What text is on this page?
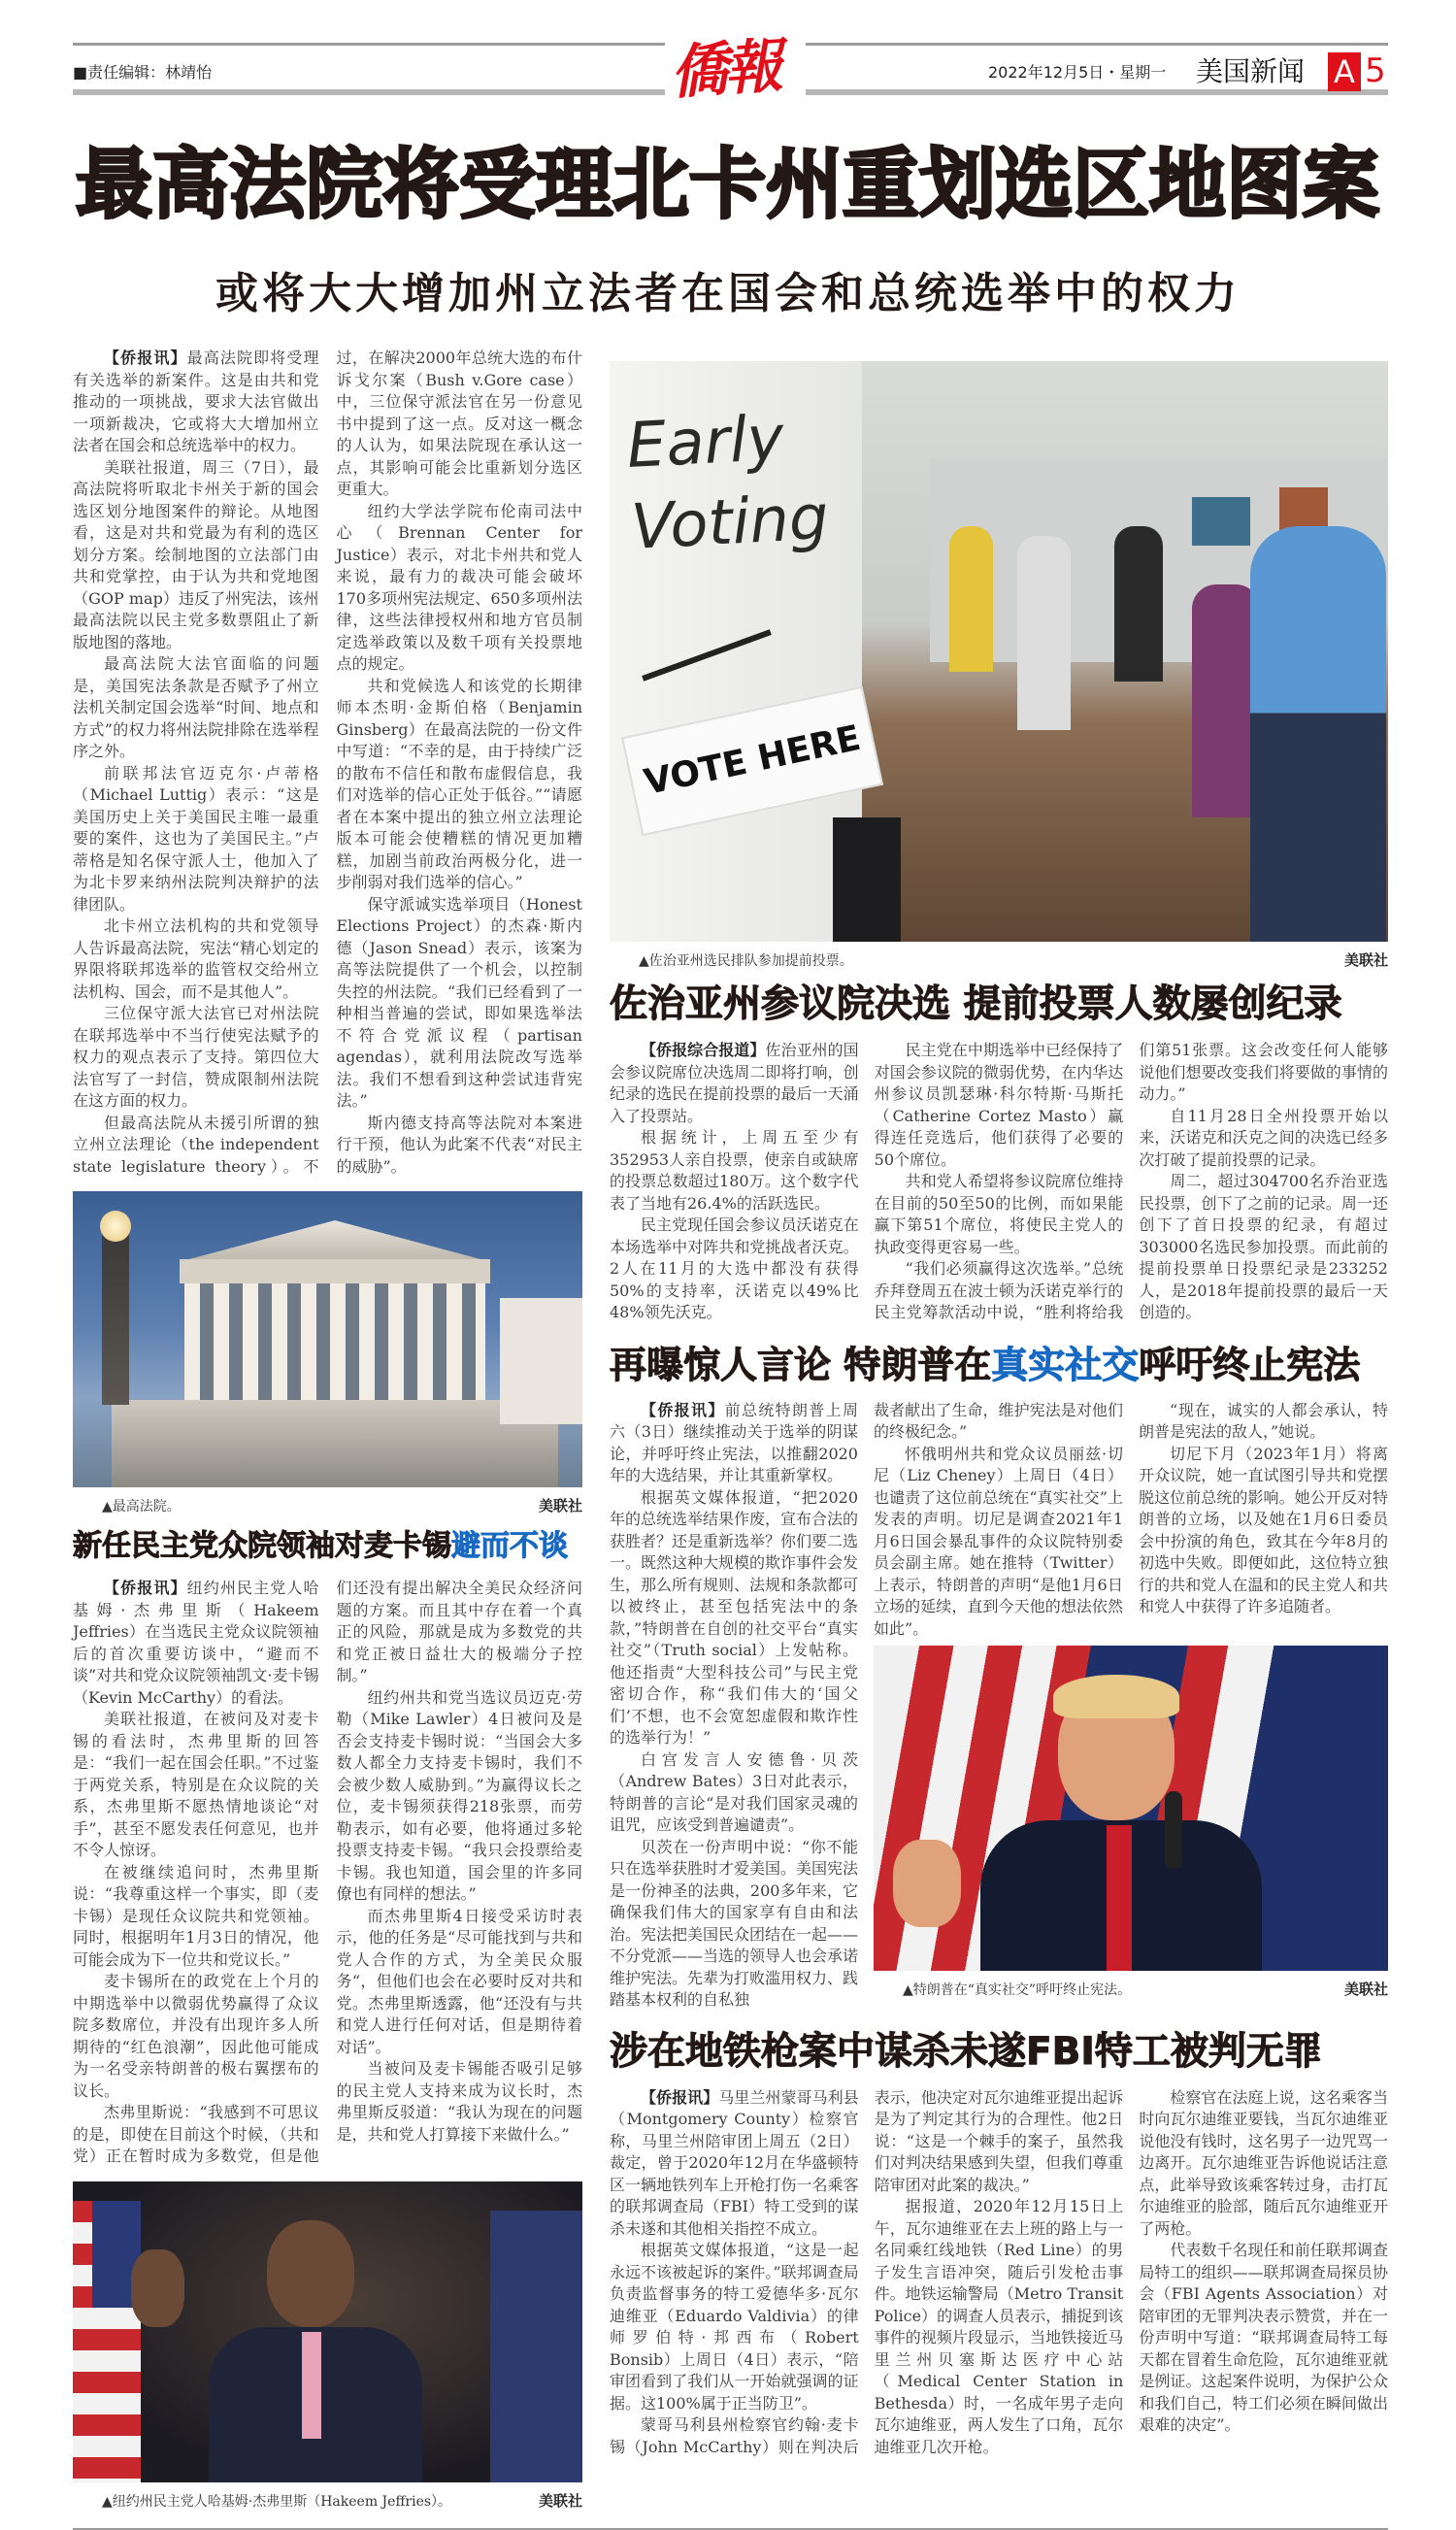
■责任编辑：林靖怡	僑報	2022年12月5日・星期一 美国新闻 A 5
最高法院将受理北卡州重划选区地图案
或将大大增加州立法者在国会和总统选举中的权力

【侨报讯】最高法院即将受理有关选举的新案件。这是由共和党推动的一项挑战，要求大法官做出一项新裁决，它或将大大增加州立法者在国会和总统选举中的权力。

美联社报道，周三（7日），最高法院将听取北卡州关于新的国会选区划分地图案件的辩论。从地图看，这是对共和党最为有利的选区划分方案。绘制地图的立法部门由共和党掌控，由于认为共和党地图（GOP map）违反了州宪法，该州最高法院以民主党多数票阻止了新版地图的落地。

最高法院大法官面临的问题是，美国宪法条款是否赋予了州立法机关制定国会选举“时间、地点和方式”的权力将州法院排除在选举程序之外。

前联邦法官迈克尔·卢蒂格（Michael Luttig）表示：“这是美国历史上关于美国民主唯一最重要的案件，这也为了美国民主。”卢蒂格是知名保守派人士，他加入了为北卡罗来纳州法院判决辩护的法律团队。

北卡州立法机构的共和党领导人告诉最高法院，宪法“精心划定的界限将联邦选举的监管权交给州立法机构、国会，而不是其他人”。

三位保守派大法官已对州法院在联邦选举中不当行使宪法赋予的权力的观点表示了支持。第四位大法官写了一封信，赞成限制州法院在这方面的权力。

但最高法院从未援引所谓的独立州立法理论（the independent state legislature theory）。不过，在解决2000年总统大选的布什诉戈尔案（Bush v.Gore case）中，三位保守派法官在另一份意见书中提到了这一点。反对这一概念的人认为，如果法院现在承认这一点，其影响可能会比重新划分选区更重大。

纽约大学法学院布伦南司法中心（Brennan Center for Justice）表示，对北卡州共和党人来说，最有力的裁决可能会破坏170多项州宪法规定、650多项州法律，这些法律授权州和地方官员制定选举政策以及数千项有关投票地点的规定。

共和党候选人和该党的长期律师本杰明·金斯伯格（Benjamin Ginsberg）在最高法院的一份文件中写道：“不幸的是，由于持续广泛的散布不信任和散布虚假信息，我们对选举的信心正处于低谷。”“请愿者在本案中提出的独立州立法理论版本可能会使糟糕的情况更加糟糕，加剧当前政治两极分化，进一步削弱对我们选举的信心。”

保守派诚实选举项目（Honest Elections Project）的杰森·斯内德（Jason Snead）表示，该案为高等法院提供了一个机会，以控制失控的州法院。“我们已经看到了一种相当普遍的尝试，即如果选举法不符合党派议程（partisan agendas），就利用法院改写选举法。我们不想看到这种尝试违背宪法。”

斯内德支持高等法院对本案进行干预，他认为此案不代表“对民主的威胁”。

▲最高法院。	美联社
新任民主党众院领袖对麦卡锡避而不谈

【侨报讯】纽约州民主党人哈基姆·杰弗里斯（Hakeem Jeffries）在当选民主党众议院领袖后的首次重要访谈中，“避而不谈”对共和党众议院领袖凯文·麦卡锡（Kevin McCarthy）的看法。

美联社报道，在被问及对麦卡锡的看法时，杰弗里斯的回答是：“我们一起在国会任职。”不过鉴于两党关系，特别是在众议院的关系，杰弗里斯不愿热情地谈论“对手”，甚至不愿发表任何意见，也并不令人惊讶。

在被继续追问时，杰弗里斯说：“我尊重这样一个事实，即（麦卡锡）是现任众议院共和党领袖。同时，根据明年1月3日的情况，他可能会成为下一位共和党议长。”

麦卡锡所在的政党在上个月的中期选举中以微弱优势赢得了众议院多数席位，并没有出现许多人所期待的“红色浪潮”，因此他可能成为一名受亲特朗普的极右翼摆布的议长。

杰弗里斯说：“我感到不可思议的是，即使在目前这个时候，（共和党）正在暂时成为多数党，但是他们还没有提出解决全美民众经济问题的方案。而且其中存在着一个真正的风险，那就是成为多数党的共和党正被日益壮大的极端分子控制。”

纽约州共和党当选议员迈克·劳勒（Mike Lawler）4日被问及是否会支持麦卡锡时说：“当国会大多数人都全力支持麦卡锡时，我们不会被少数人威胁到。”为赢得议长之位，麦卡锡须获得218张票，而劳勒表示，如有必要，他将通过多轮投票支持麦卡锡。“我只会投票给麦卡锡。我也知道，国会里的许多同僚也有同样的想法。”

而杰弗里斯4日接受采访时表示，他的任务是“尽可能找到与共和党人合作的方式，为全美民众服务“，但他们也会在必要时反对共和党。杰弗里斯透露，他“还没有与共和党人进行任何对话，但是期待着对话”。

当被问及麦卡锡能否吸引足够的民主党人支持来成为议长时，杰弗里斯反驳道：“我认为现在的问题是，共和党人打算接下来做什么。”

▲纽约州民主党人哈基姆·杰弗里斯（Hakeem Jeffries）。	美联社
Early Voting
VOTE HERE
▲佐治亚州选民排队参加提前投票。	美联社
佐治亚州参议院决选 提前投票人数屡创纪录

【侨报综合报道】佐治亚州的国会参议院席位决选周二即将打响，创纪录的选民在提前投票的最后一天涌入了投票站。

根据统计，上周五至少有352953人亲自投票，使亲自或缺席的投票总数超过180万。这个数字代表了当地有26.4%的活跃选民。

民主党现任国会参议员沃诺克在本场选举中对阵共和党挑战者沃克。2人在11月的大选中都没有获得50%的支持率，沃诺克以49%比48%领先沃克。

民主党在中期选举中已经保持了对国会参议院的微弱优势，在内华达州参议员凯瑟琳·科尔特斯·马斯托（Catherine Cortez Masto）赢得连任竞选后，他们获得了必要的50个席位。

共和党人希望将参议院席位维持在目前的50至50的比例，而如果能赢下第51个席位，将使民主党人的执政变得更容易一些。

“我们必须赢得这次选举。”总统乔拜登周五在波士顿为沃诺克举行的民主党筹款活动中说，“胜利将给我们第51张票。这会改变任何人能够说他们想要改变我们将要做的事情的动力。”

自11月28日全州投票开始以来，沃诺克和沃克之间的决选已经多次打破了提前投票的记录。

周二，超过304700名乔治亚选民投票，创下了之前的记录。周一还创下了首日投票的纪录，有超过303000名选民参加投票。而此前的提前投票单日投票纪录是233252人，是2018年提前投票的最后一天创造的。

再曝惊人言论 特朗普在真实社交呼吁终止宪法

【侨报讯】前总统特朗普上周六（3日）继续推动关于选举的阴谋论，并呼吁终止宪法，以推翻2020年的大选结果，并让其重新掌权。

根据英文媒体报道，“把2020年的总统选举结果作废，宣布合法的获胜者？还是重新选举？你们要二选一。既然这种大规模的欺诈事件会发生，那么所有规则、法规和条款都可以被终止，甚至包括宪法中的条款，”特朗普在自创的社交平台“真实社交”（Truth social）上发帖称。他还指责“大型科技公司”与民主党密切合作，称“我们伟大的‘国父们’不想，也不会宽恕虚假和欺诈性的选举行为！”

白宫发言人安德鲁·贝茨（Andrew Bates）3日对此表示，特朗普的言论“是对我们国家灵魂的诅咒，应该受到普遍谴责”。

贝茨在一份声明中说：“你不能只在选举获胜时才爱美国。美国宪法是一份神圣的法典，200多年来，它确保我们伟大的国家享有自由和法治。宪法把美国民众团结在一起——不分党派——当选的领导人也会承诺维护宪法。先辈为打败滥用权力、践踏基本权利的自私独

裁者献出了生命，维护宪法是对他们的终极纪念。”

怀俄明州共和党众议员丽兹·切尼（Liz Cheney）上周日（4日）也谴责了这位前总统在“真实社交”上发表的声明。切尼是调查2021年1月6日国会暴乱事件的众议院特别委员会副主席。她在推特（Twitter）上表示，特朗普的声明“是他1月6日立场的延续，直到今天他的想法依然如此”。

“现在，诚实的人都会承认，特朗普是宪法的敌人，”她说。

切尼下月（2023年1月）将离开众议院，她一直试图引导共和党摆脱这位前总统的影响。她公开反对特朗普的立场，以及她在1月6日委员会中扮演的角色，致其在今年8月的初选中失败。即便如此，这位特立独行的共和党人在温和的民主党人和共和党人中获得了许多追随者。

▲特朗普在“真实社交”呼吁终止宪法。	美联社
涉在地铁枪案中谋杀未遂FBI特工被判无罪

【侨报讯】马里兰州蒙哥马利县（Montgomery County）检察官称，马里兰州陪审团上周五（2日）裁定，曾于2020年12月在华盛顿特区一辆地铁列车上开枪打伤一名乘客的联邦调查局（FBI）特工受到的谋杀未遂和其他相关指控不成立。

根据英文媒体报道，“这是一起永远不该被起诉的案件。”联邦调查局负责监督事务的特工爱德华多·瓦尔迪维亚（Eduardo Valdivia）的律师罗伯特·邦西布（Robert Bonsib）上周日（4日）表示，“陪审团看到了我们从一开始就强调的证据。这100%属于正当防卫”。

蒙哥马利县州检察官约翰·麦卡锡（John McCarthy）则在判决后表示，他决定对瓦尔迪维亚提出起诉是为了判定其行为的合理性。他2日说：“这是一个棘手的案子，虽然我们对判决结果感到失望，但我们尊重陪审团对此案的裁决。”

据报道，2020年12月15日上午，瓦尔迪维亚在去上班的路上与一名同乘红线地铁（Red Line）的男子发生言语冲突，随后引发枪击事件。地铁运输警局（Metro Transit Police）的调查人员表示，捕捉到该事件的视频片段显示，当地铁接近马里兰州贝塞斯达医疗中心站（Medical Center Station in Bethesda）时，一名成年男子走向瓦尔迪维亚，两人发生了口角，瓦尔迪维亚几次开枪。

检察官在法庭上说，这名乘客当时向瓦尔迪维亚要钱，当瓦尔迪维亚说他没有钱时，这名男子一边咒骂一边离开。瓦尔迪维亚告诉他说话注意点，此举导致该乘客转过身，击打瓦尔迪维亚的脸部，随后瓦尔迪维亚开了两枪。

代表数千名现任和前任联邦调查局特工的组织——联邦调查局探员协会（FBI Agents Association）对陪审团的无罪判决表示赞赏，并在一份声明中写道：“联邦调查局特工每天都在冒着生命危险，瓦尔迪维亚就是例证。这起案件说明，为保护公众和我们自己，特工们必须在瞬间做出艰难的决定”。
